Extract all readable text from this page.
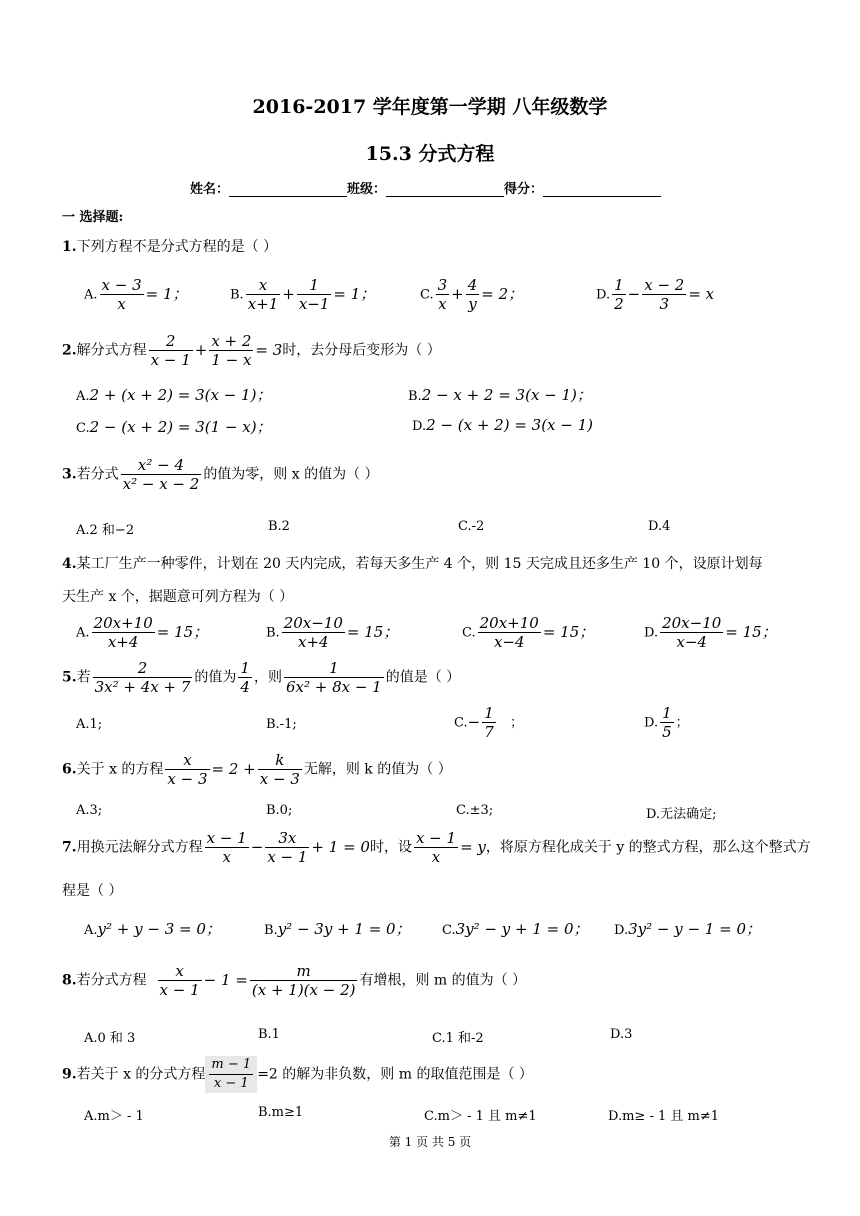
2016-2017 学年度第一学期 八年级数学
15.3 分式方程
姓名：	班级：	得分：
一 选择题:
1.下列方程不是分式方程的是（ ）
A. $\frac{x - 3}{x} = 1$；	B. $\frac{x}{x+1} + \frac{1}{x-1} = 1$；	C. $\frac{3}{x} + \frac{4}{y} = 2$；	D. $\frac{1}{2} - \frac{x - 2}{3} = x$
2.解分式方程 $\frac{2}{x - 1} + \frac{x + 2}{1 - x} = 3$时，去分母后变形为（ ）
A.2 + (x + 2) = 3(x − 1)；	B.2 − x + 2 = 3(x − 1)；
C.2 − (x + 2) = 3(1 − x)；	D.2 − (x + 2) = 3(x − 1)
3.若分式 $\frac{\text{x² − 4}}{\text{x² − x − 2}}$ 的值为零，则 x 的值为（ ）
A.2 和−2	B.2	C.-2	D.4
4.某工厂生产一种零件，计划在 20 天内完成，若每天多生产 4 个，则 15 天完成且还多生产 10 个，设原计划每
天生产 x 个，据题意可列方程为（ ）
A. $\frac{20x+10}{x+4} = 15$；	B. $\frac{20x-10}{x+4} = 15$；	C. $\frac{20x+10}{x-4} = 15$；	D. $\frac{20x-10}{x-4} = 15$；
5.若 $\frac{2}{\text{3x² + 4x + 7}}$ 的值为 $\frac{1}{4}$ ，则 $\frac{1}{\text{6x² + 8x − 1}}$ 的值是（ ）
A.1;	B.-1;	$C.- \frac{1}{7}$ ；	D. $\frac{1}{5}$ ；
6.关于 x 的方程 $\frac{x}{x - 3} = 2 + \frac{k}{x - 3}$ 无解，则 k 的值为（ ）
A.3;	B.0;	C.±3;	D.无法确定;
7.用换元法解分式方程 $\frac{x - 1}{x} - \frac{3x}{x - 1} + 1 = 0$时，设 $\frac{x - 1}{x} = y$，将原方程化成关于 y 的整式方程，那么这个整式方
程是（ ）
A.y² + y − 3 = 0；	B.y² − 3y + 1 = 0； C.3y² − y + 1 = 0； D.3y² − y − 1 = 0；
8.若分式方程 $\frac{x}{x - 1} - 1 = \frac{m}{(x + 1)(x - 2)}$ 有增根，则 m 的值为（ ）
A.0 和 3	B.1	C.1 和-2	D.3
9.若关于 x 的分式方程 $\frac{m - 1}{x - 1} =2$ 的解为非负数，则 m 的取值范围是（ ）
A.m＞ - 1	B.m≥1	C.m＞ - 1 且 m≠1	D.m≥ - 1 且 m≠1
第 1 页 共 5 页
